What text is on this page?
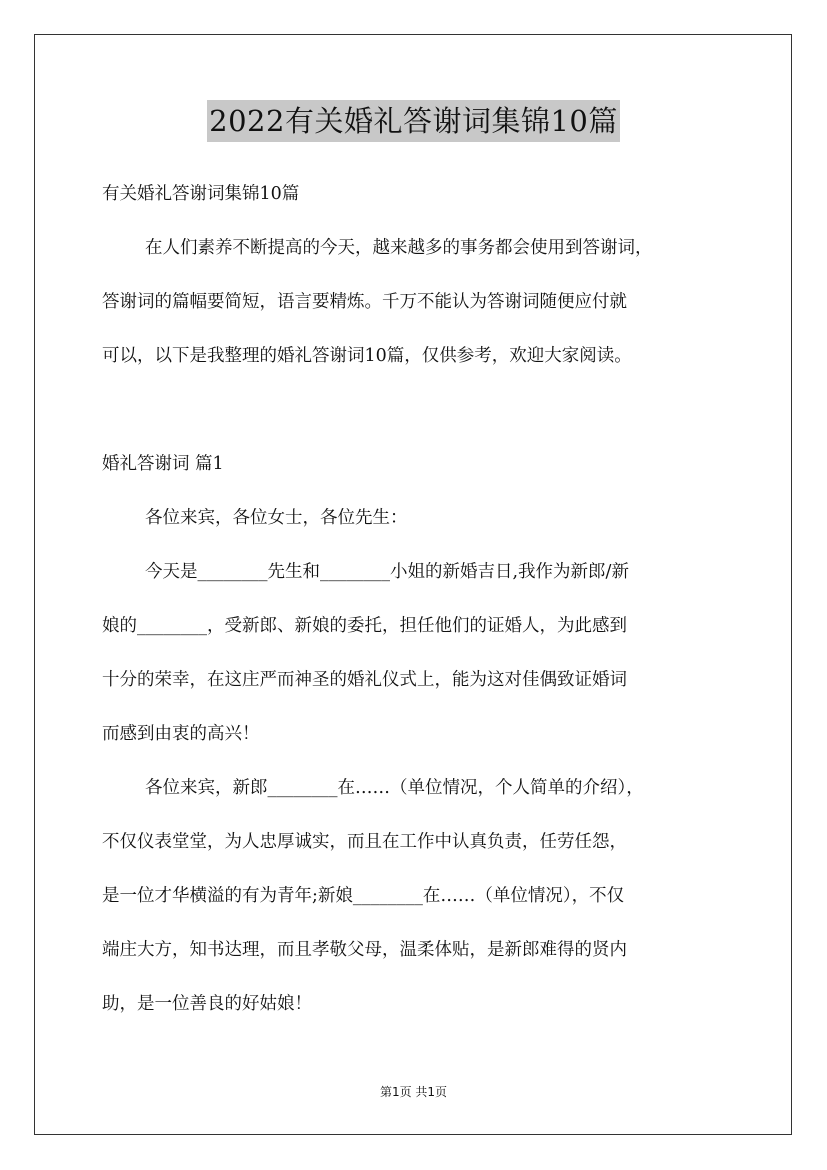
2022有关婚礼答谢词集锦10篇
有关婚礼答谢词集锦10篇
在人们素养不断提高的今天，越来越多的事务都会使用到答谢词，
答谢词的篇幅要简短，语言要精炼。千万不能认为答谢词随便应付就
可以，以下是我整理的婚礼答谢词10篇，仅供参考，欢迎大家阅读。
婚礼答谢词 篇1
各位来宾，各位女士，各位先生：
今天是________先生和________小姐的新婚吉日,我作为新郎/新
娘的________，受新郎、新娘的委托，担任他们的证婚人，为此感到
十分的荣幸，在这庄严而神圣的婚礼仪式上，能为这对佳偶致证婚词
而感到由衷的高兴！
各位来宾，新郎________在……（单位情况，个人简单的介绍），
不仅仪表堂堂，为人忠厚诚实，而且在工作中认真负责，任劳任怨，
是一位才华横溢的有为青年;新娘________在……（单位情况），不仅
端庄大方，知书达理，而且孝敬父母，温柔体贴，是新郎难得的贤内
助，是一位善良的好姑娘！
第1页 共1页
